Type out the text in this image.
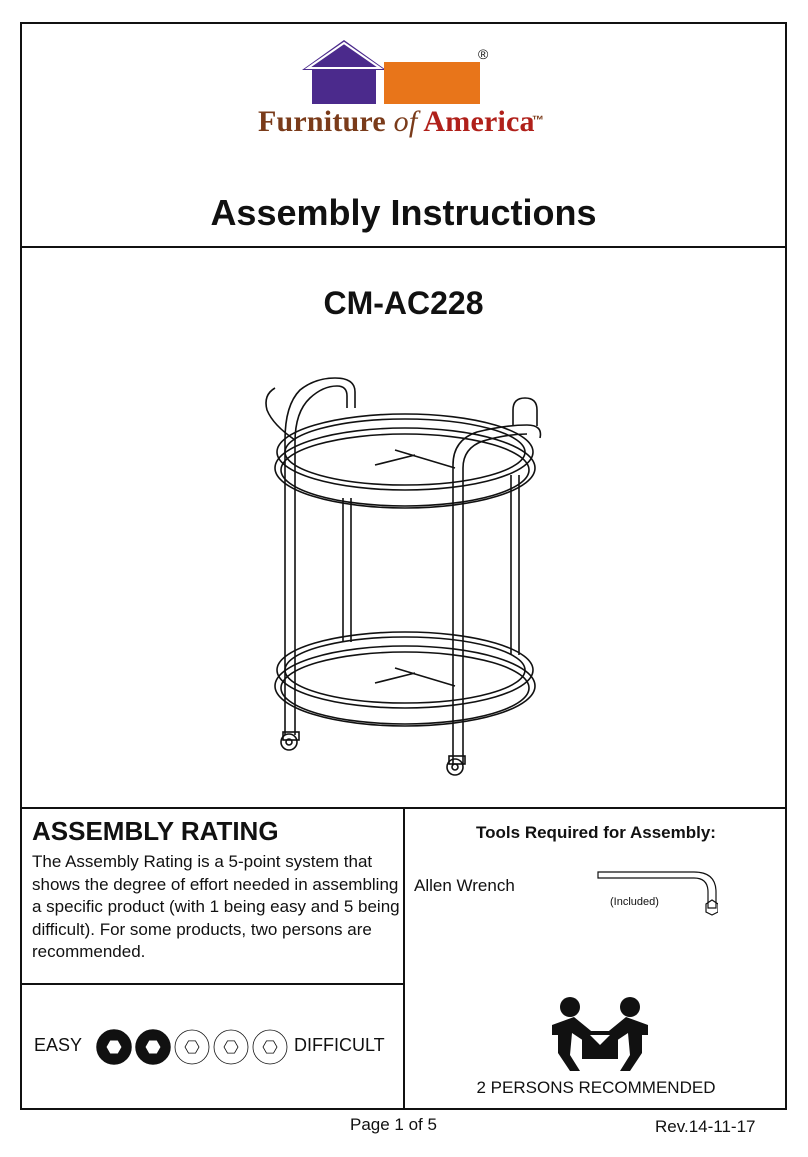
®
Furniture of America
™
Assembly Instructions
CM-AC228
ASSEMBLY RATING
The Assembly Rating is a 5-point system that shows the degree of effort needed in assembling a specific product (with 1 being easy and 5 being difficult). For some products, two persons are recommended.
EASY	DIFFICULT
Tools Required for Assembly:
Allen Wrench
(Included)
2 PERSONS RECOMMENDED
Page 1 of 5	Rev.14-11-17
